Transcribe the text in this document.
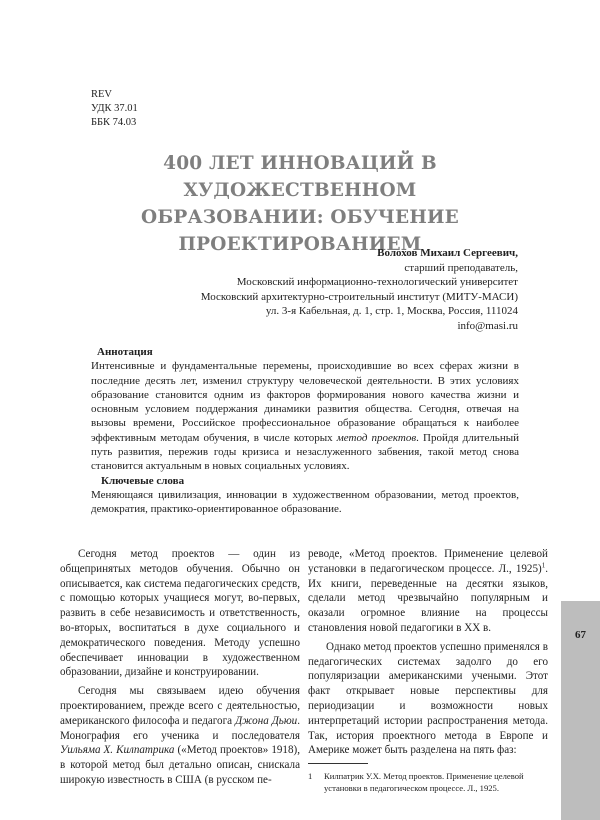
REV
УДК 37.01
ББК 74.03
400 ЛЕТ ИННОВАЦИЙ В ХУДОЖЕСТВЕННОМ
ОБРАЗОВАНИИ: ОБУЧЕНИЕ
ПРОЕКТИРОВАНИЕМ
Волохов Михаил Сергеевич,
старший преподаватель,
Московский информационно-технологический университет
Московский архитектурно-строительный институт (МИТУ-МАСИ)
ул. 3-я Кабельная, д. 1, стр. 1, Москва, Россия, 111024
info@masi.ru
Аннотация
Интенсивные и фундаментальные перемены, происходившие во всех сферах жизни в последние десять лет, изменил структуру человеческой деятельности. В этих условиях образование становится одним из факторов формирования нового качества жизни и основным условием поддержания динамики развития общества. Сегодня, отвечая на вызовы времени, Российское профессиональное образование обращаться к наиболее эффективным методам обучения, в числе которых метод проектов. Пройдя длительный путь развития, пережив годы кризиса и незаслуженного забвения, такой метод снова становится актуальным в новых социальных условиях.
Ключевые слова
Меняющаяся цивилизация, инновации в художественном образовании, метод проектов, демократия, практико-ориентированное образование.

Сегодня метод проектов — один из общепринятых методов обучения. Обычно он описывается, как система педагогических средств, с помощью которых учащиеся могут, во-первых, развить в себе независимость и ответственность, во-вторых, воспитаться в духе социального и демократического поведения. Методу успешно обеспечивает инновации в художественном образовании, дизайне и конструировании.

Сегодня мы связываем идею обучения проектированием, прежде всего с деятельностью, американского философа и педагога Джона Дьюи. Монография его ученика и последователя Уильяма Х. Килпатрика («Метод проектов» 1918), в которой метод был детально описан, снискала широкую известность в США (в русском пе-

реводе, «Метод проектов. Применение целевой установки в педагогическом процессе. Л., 1925)$^1$. Их книги, переведенные на десятки языков, сделали метод чрезвычайно популярным и оказали огромное влияние на процессы становления новой педагогики в XX в.

Однако метод проектов успешно применялся в педагогических системах задолго до его популяризации американскими учеными. Этот факт открывает новые перспективы для периодизации и возможности новых интерпретаций истории распространения метода. Так, история проектного метода в Европе и Америке может быть разделена на пять фаз:

1	Килпатрик У.Х. Метод проектов. Применение целевой установки в педагогическом процессе. Л., 1925.
67
